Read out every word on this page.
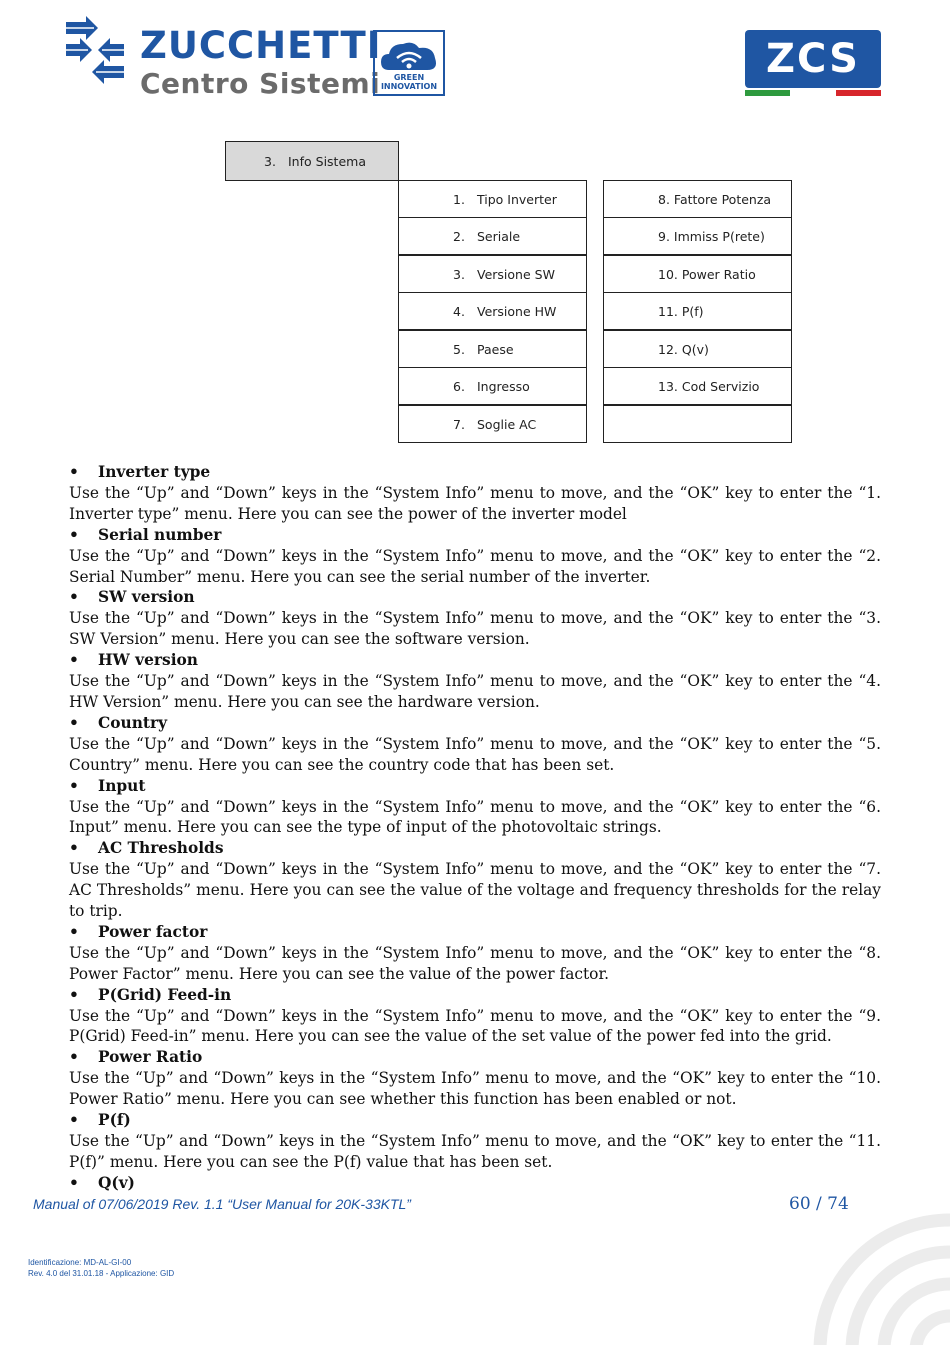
ZUCCHETTI
Centro Sistemi	GREEN
INNOVATION
ZCS
3. Info Sistema
1. Tipo Inverter
2. Seriale
3. Versione SW
4. Versione HW
5. Paese
6. Ingresso
7. Soglie AC
8. Fattore Potenza
9. Immiss P(rete)
10. Power Ratio
11. P(f)
12. Q(v)
13. Cod Servizio

• Inverter type

Use the “Up” and “Down” keys in the “System Info” menu to move, and the “OK” key to enter the “1. Inverter type” menu. Here you can see the power of the inverter model

• Serial number

Use the “Up” and “Down” keys in the “System Info” menu to move, and the “OK” key to enter the “2. Serial Number” menu. Here you can see the serial number of the inverter.

• SW version

Use the “Up” and “Down” keys in the “System Info” menu to move, and the “OK” key to enter the “3. SW Version” menu. Here you can see the software version.

• HW version

Use the “Up” and “Down” keys in the “System Info” menu to move, and the “OK” key to enter the “4. HW Version” menu. Here you can see the hardware version.

• Country

Use the “Up” and “Down” keys in the “System Info” menu to move, and the “OK” key to enter the “5. Country” menu. Here you can see the country code that has been set.

• Input

Use the “Up” and “Down” keys in the “System Info” menu to move, and the “OK” key to enter the “6. Input” menu. Here you can see the type of input of the photovoltaic strings.

• AC Thresholds

Use the “Up” and “Down” keys in the “System Info” menu to move, and the “OK” key to enter the “7. AC Thresholds” menu. Here you can see the value of the voltage and frequency thresholds for the relay to trip.

• Power factor

Use the “Up” and “Down” keys in the “System Info” menu to move, and the “OK” key to enter the “8. Power Factor” menu. Here you can see the value of the power factor.

• P(Grid) Feed-in

Use the “Up” and “Down” keys in the “System Info” menu to move, and the “OK” key to enter the “9. P(Grid) Feed-in” menu. Here you can see the value of the set value of the power fed into the grid.

• Power Ratio

Use the “Up” and “Down” keys in the “System Info” menu to move, and the “OK” key to enter the “10. Power Ratio” menu. Here you can see whether this function has been enabled or not.

• P(f)

Use the “Up” and “Down” keys in the “System Info” menu to move, and the “OK” key to enter the “11. P(f)” menu. Here you can see the P(f) value that has been set.

• Q(v)

Manual of 07/06/2019 Rev. 1.1 “User Manual for 20K-33KTL”	60 / 74
Identificazione: MD-AL-GI-00
Rev. 4.0 del 31.01.18 - Applicazione: GID
